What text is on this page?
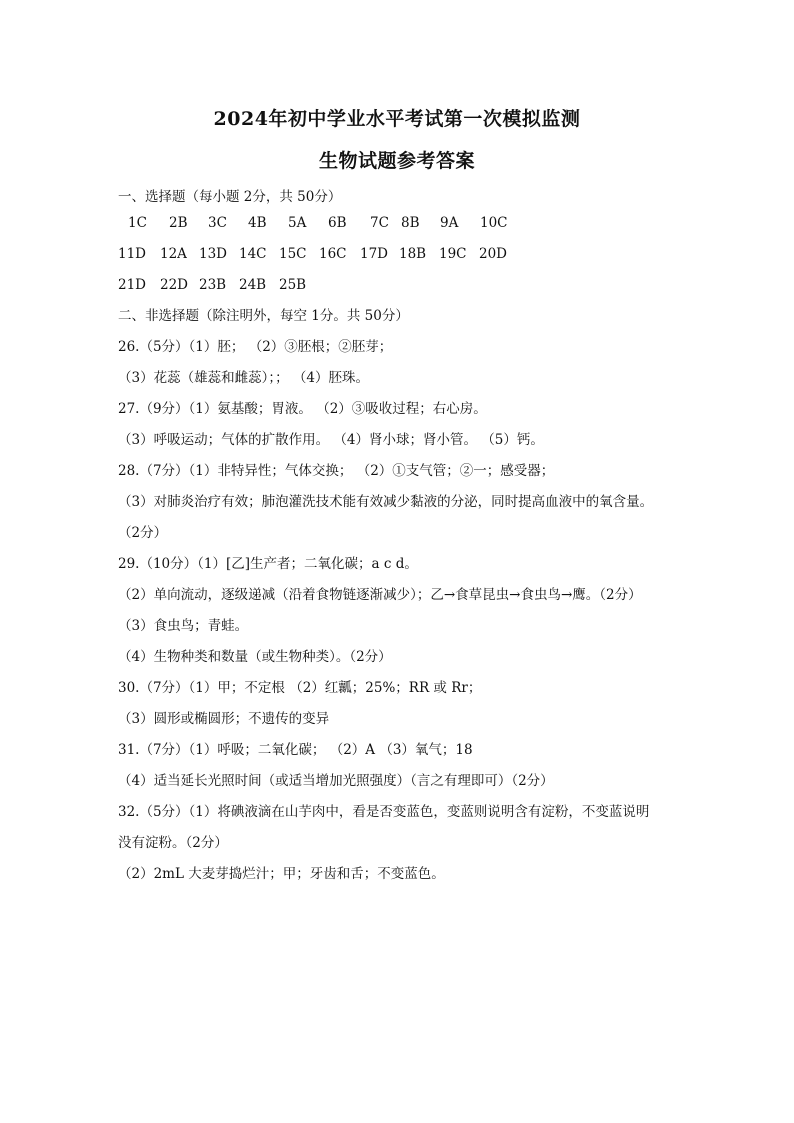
2024年初中学业水平考试第一次模拟监测
生物试题参考答案
一、选择题（每小题 2分，共 50分）
1C 2B 3C 4B 5A 6B 7C 8B 9A 10C
11D 12A 13D 14C 15C 16C 17D 18B 19C 20D
21D 22D 23B 24B 25B
二、非选择题（除注明外，每空 1分。共 50分）
26.（5分）（1）胚； （2）③胚根；②胚芽；
（3）花蕊（雄蕊和雌蕊）；； （4）胚珠。
27.（9分）（1）氨基酸；胃液。 （2）③吸收过程；右心房。
（3）呼吸运动；气体的扩散作用。 （4）肾小球；肾小管。 （5）钙。
28.（7分）（1）非特异性；气体交换； （2）①支气管；②一；感受器；
（3）对肺炎治疗有效；肺泡灌洗技术能有效减少黏液的分泌，同时提高血液中的氧含量。
（2分）
29.（10分）（1）[乙]生产者；二氧化碳；a c d。
（2）单向流动，逐级递减（沿着食物链逐渐减少）；乙→食草昆虫→食虫鸟→鹰。（2分）
（3）食虫鸟；青蛙。
（4）生物种类和数量（或生物种类）。（2分）
30.（7分）（1）甲；不定根 （2）红瓤；25%；RR 或 Rr；
（3）圆形或椭圆形；不遗传的变异
31.（7分）（1）呼吸；二氧化碳； （2）A （3）氧气；18
（4）适当延长光照时间（或适当增加光照强度）（言之有理即可）（2分）
32.（5分）（1）将碘液滴在山芋肉中，看是否变蓝色，变蓝则说明含有淀粉，不变蓝说明
没有淀粉。（2分）
（2）2mL 大麦芽捣烂汁；甲；牙齿和舌；不变蓝色。
